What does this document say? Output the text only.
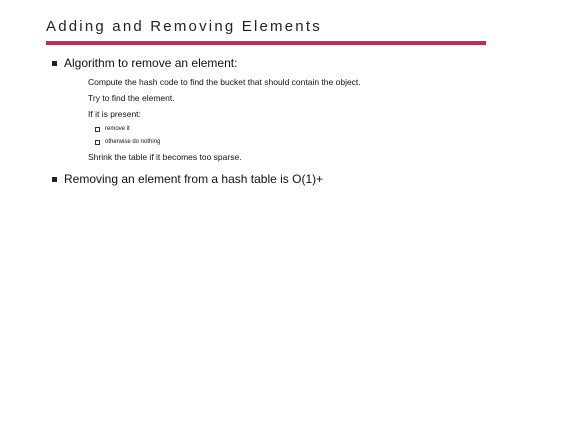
Adding and Removing Elements
Algorithm to remove an element:
Compute the hash code to find the bucket that should contain the object.
Try to find the element.
If it is present:
remove it
otherwise do nothing
Shrink the table if it becomes too sparse.
Removing an element from a hash table is O(1)+
